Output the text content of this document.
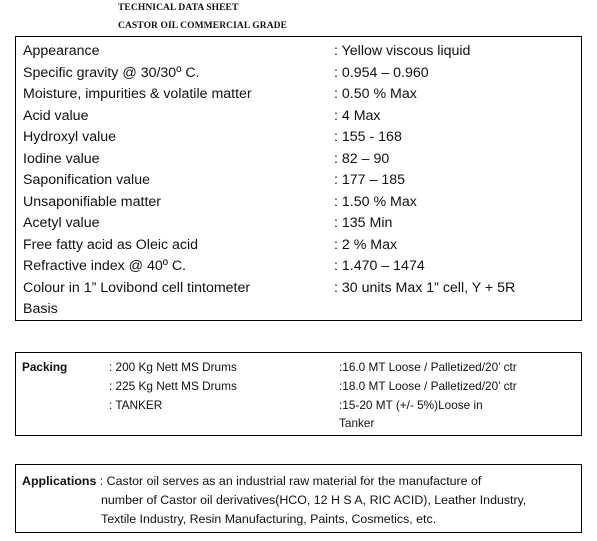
TECHNICAL DATA SHEET
CASTOR OIL COMMERCIAL GRADE
Appearance	: Yellow viscous liquid
Specific gravity @ 30/30º C.	: 0.954 – 0.960
Moisture, impurities & volatile matter	: 0.50 % Max
Acid value	: 4 Max
Hydroxyl value	: 155 - 168
Iodine value	: 82 – 90
Saponification value	: 177 – 185
Unsaponifiable matter	: 1.50 % Max
Acetyl value	: 135 Min
Free fatty acid as Oleic acid	: 2 % Max
Refractive index @ 40º C.	: 1.470 – 1474
Colour in 1” Lovibond cell tintometer	: 30 units Max 1” cell, Y + 5R
Basis
Packing	: 200 Kg Nett MS Drums	:16.0 MT Loose / Palletized/20’ ctr
: 225 Kg Nett MS Drums	:18.0 MT Loose / Palletized/20’ ctr
: TANKER	:15-20 MT (+/- 5%)Loose in
Tanker
Applications : Castor oil serves as an industrial raw material for the manufacture of
number of Castor oil derivatives(HCO, 12 H S A, RIC ACID), Leather Industry,
Textile Industry, Resin Manufacturing, Paints, Cosmetics, etc.
